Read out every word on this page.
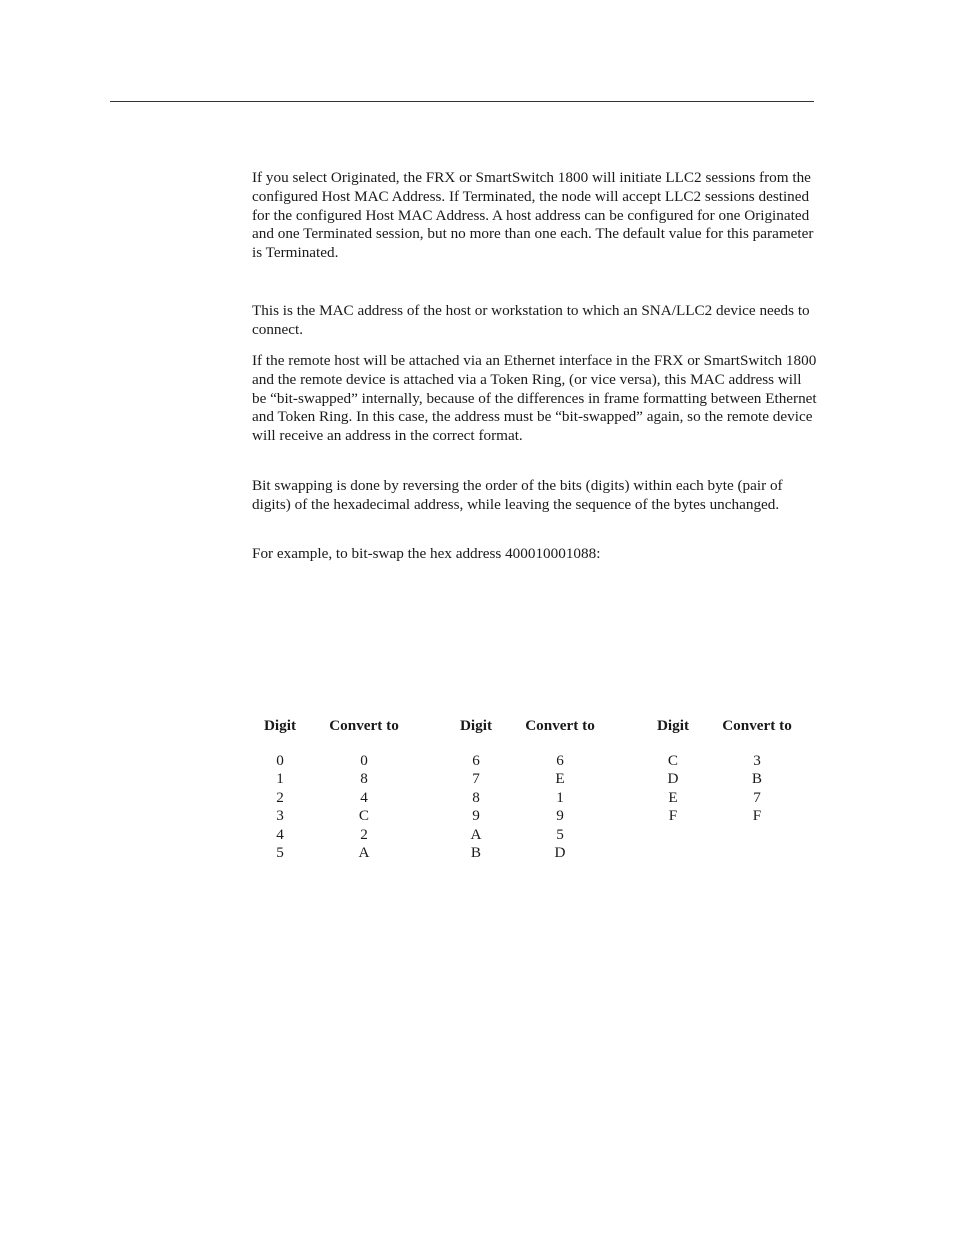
If you select Originated, the FRX or SmartSwitch 1800 will initiate LLC2 sessions from the configured Host MAC Address. If Terminated, the node will accept LLC2 sessions destined for the configured Host MAC Address. A host address can be configured for one Originated and one Terminated session, but no more than one each. The default value for this parameter is Terminated.

This is the MAC address of the host or workstation to which an SNA/LLC2 device needs to connect.

If the remote host will be attached via an Ethernet interface in the FRX or SmartSwitch 1800 and the remote device is attached via a Token Ring, (or vice versa), this MAC address will be “bit-swapped” internally, because of the differences in frame formatting between Ethernet and Token Ring. In this case, the address must be “bit-swapped” again, so the remote device will receive an address in the correct format.

Bit swapping is done by reversing the order of the bits (digits) within each byte (pair of digits) of the hexadecimal address, while leaving the sequence of the bytes unchanged.

For example, to bit-swap the hex address 400010001088:

Digit
0
1
2
3
4
5
Convert to
0
8
4
C
2
A
Digit
6
7
8
9
A
B
Convert to
6
E
1
9
5
D
Digit
C
D
E
F
Convert to
3
B
7
F
